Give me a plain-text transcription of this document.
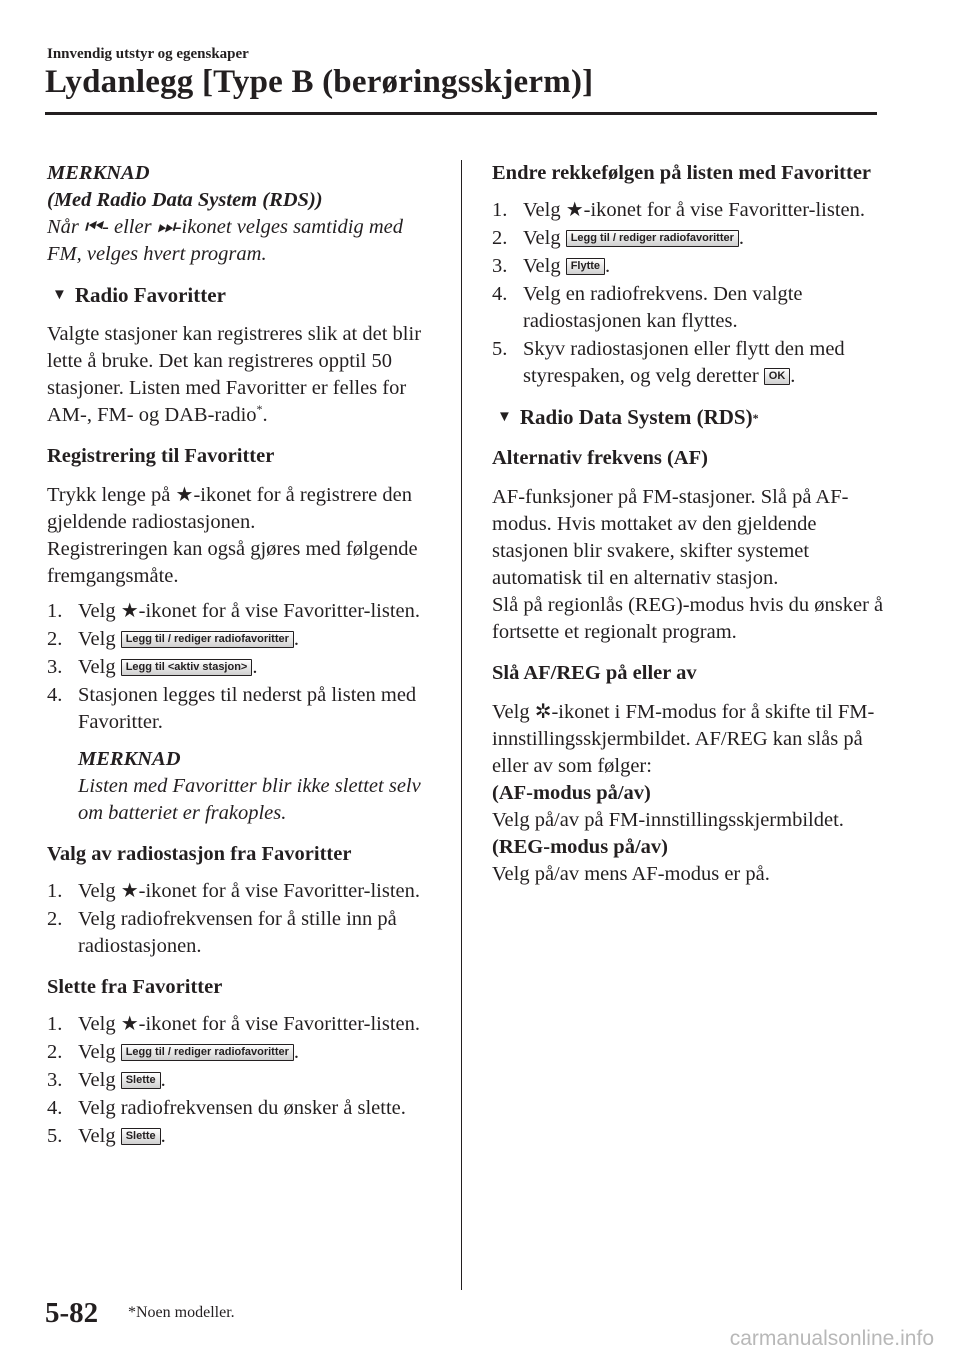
Innvendig utstyr og egenskaper
Lydanlegg [Type B (berøringsskjerm)]
MERKNAD
(Med Radio Data System (RDS))
Når ⏮- eller ⏭-ikonet velges samtidig med FM, velges hvert program.
▼ Radio Favoritter

Valgte stasjoner kan registreres slik at det blir lette å bruke. Det kan registreres opptil 50 stasjoner. Listen med Favoritter er felles for AM-, FM- og DAB-radio*.

Registrering til Favoritter

Trykk lenge på ★-ikonet for å registrere den gjeldende radiostasjonen.

Registreringen kan også gjøres med følgende fremgangsmåte.

1. Velg ★-ikonet for å vise Favoritter-listen.
2. Velg Legg til / rediger radiofavoritter .
3. Velg Legg til <aktiv stasjon> .
4. Stasjonen legges til nederst på listen med Favoritter.
MERKNAD
Listen med Favoritter blir ikke slettet selv om batteriet er frakoples.
Valg av radiostasjon fra Favoritter
1. Velg ★-ikonet for å vise Favoritter-listen.
2. Velg radiofrekvensen for å stille inn på radiostasjonen.
Slette fra Favoritter
1. Velg ★-ikonet for å vise Favoritter-listen.
2. Velg Legg til / rediger radiofavoritter .
3. Velg Slette .
4. Velg radiofrekvensen du ønsker å slette.
5. Velg Slette .
Endre rekkefølgen på listen med Favoritter
1. Velg ★-ikonet for å vise Favoritter-listen.
2. Velg Legg til / rediger radiofavoritter .
3. Velg Flytte .
4. Velg en radiofrekvens. Den valgte radiostasjonen kan flyttes.
5. Skyv radiostasjonen eller flytt den med styrespaken, og velg deretter OK .
▼ Radio Data System (RDS) *
Alternativ frekvens (AF)

AF-funksjoner på FM-stasjoner. Slå på AF-modus. Hvis mottaket av den gjeldende stasjonen blir svakere, skifter systemet automatisk til en alternativ stasjon.

Slå på regionlås (REG)-modus hvis du ønsker å fortsette et regionalt program.

Slå AF/REG på eller av

Velg ✲-ikonet i FM-modus for å skifte til FM-innstillingsskjermbildet. AF/REG kan slås på eller av som følger:

(AF-modus på/av)
Velg på/av på FM-innstillingsskjermbildet.
(REG-modus på/av)
Velg på/av mens AF-modus er på.
5-82 *Noen modeller.
carmanualsonline.info
